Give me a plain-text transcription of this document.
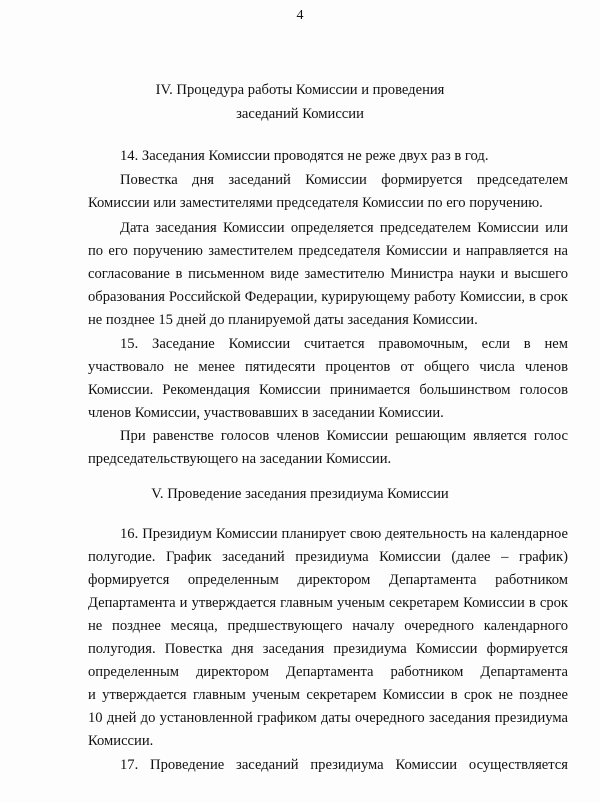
4
IV. Процедура работы Комиссии и проведения
заседаний Комиссии
14. Заседания Комиссии проводятся не реже двух раз в год.
Повестка дня заседаний Комиссии формируется председателем
Комиссии или заместителями председателя Комиссии по его поручению.
Дата заседания Комиссии определяется председателем Комиссии или
по его поручению заместителем председателя Комиссии и направляется на
согласование в письменном виде заместителю Министра науки и высшего
образования Российской Федерации, курирующему работу Комиссии, в срок
не позднее 15 дней до планируемой даты заседания Комиссии.
15. Заседание Комиссии считается правомочным, если в нем
участвовало не менее пятидесяти процентов от общего числа членов
Комиссии. Рекомендация Комиссии принимается большинством голосов
членов Комиссии, участвовавших в заседании Комиссии.
При равенстве голосов членов Комиссии решающим является голос
председательствующего на заседании Комиссии.
V. Проведение заседания президиума Комиссии
16. Президиум Комиссии планирует свою деятельность на календарное
полугодие. График заседаний президиума Комиссии (далее – график)
формируется определенным директором Департамента работником
Департамента и утверждается главным ученым секретарем Комиссии в срок
не позднее месяца, предшествующего началу очередного календарного
полугодия. Повестка дня заседания президиума Комиссии формируется
определенным директором Департамента работником Департамента
и утверждается главным ученым секретарем Комиссии в срок не позднее
10 дней до установленной графиком даты очередного заседания президиума
Комиссии.
17. Проведение заседаний президиума Комиссии осуществляется
